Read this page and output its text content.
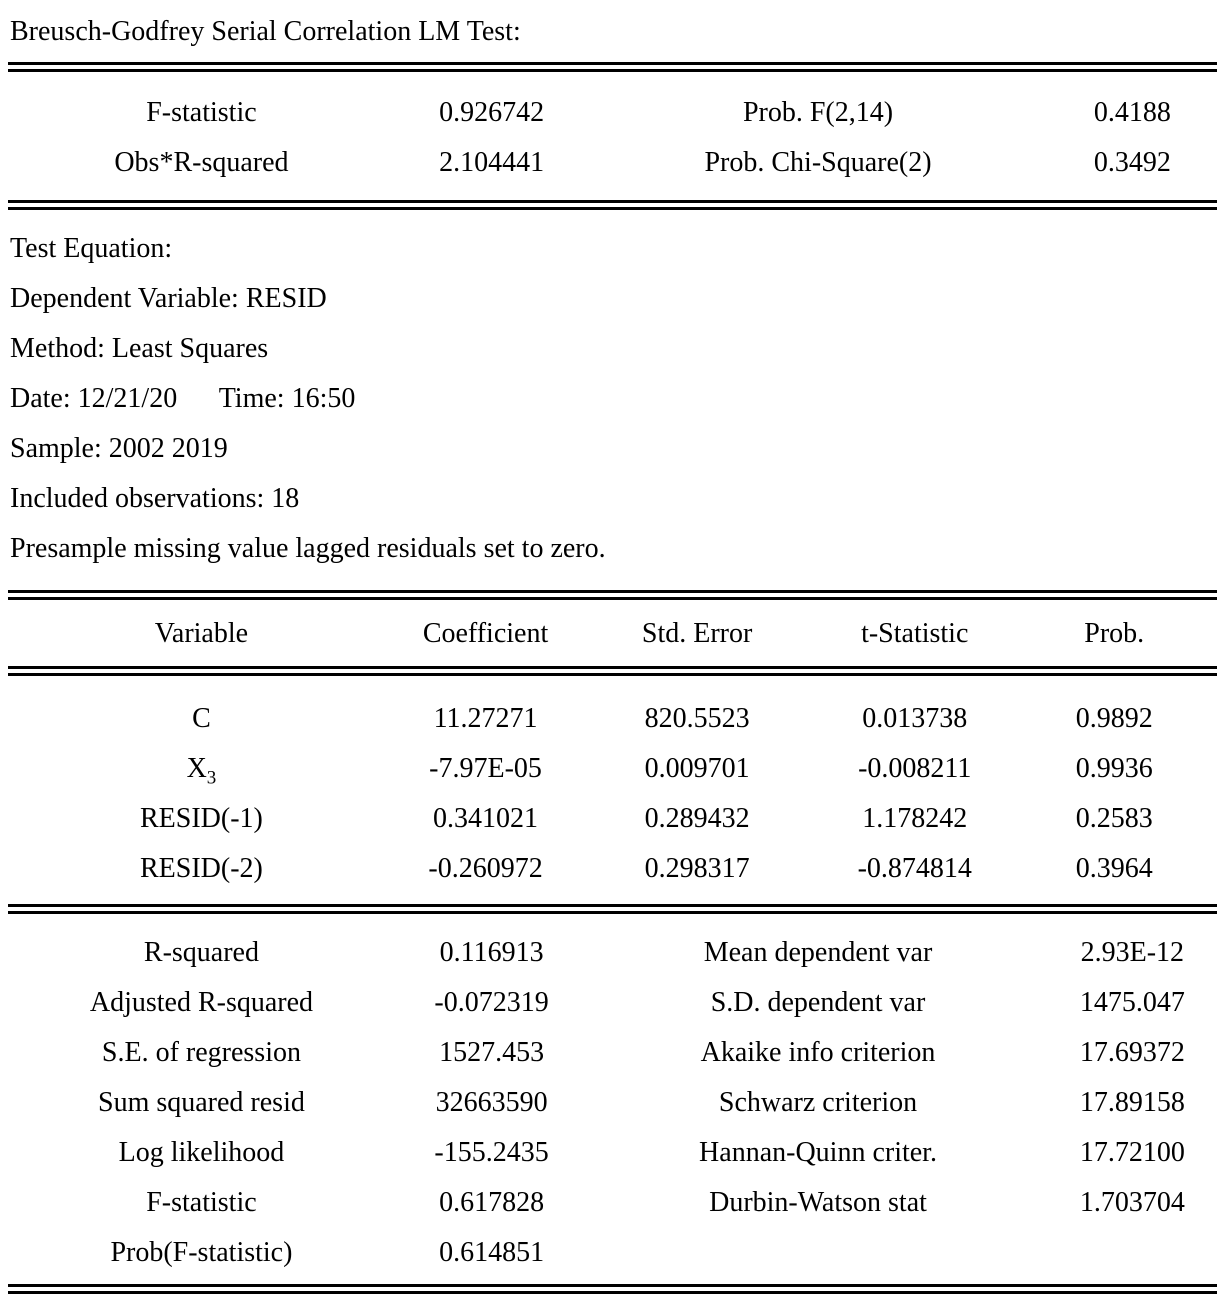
Breusch-Godfrey Serial Correlation LM Test:
F-statistic	0.926742	Prob. F(2,14)	0.4188
Obs*R-squared	2.104441	Prob. Chi-Square(2)	0.3492
Test Equation:
Dependent Variable: RESID
Method: Least Squares
Date: 12/21/20      Time: 16:50
Sample: 2002 2019
Included observations: 18
Presample missing value lagged residuals set to zero.
Variable	Coefficient	Std. Error	t-Statistic	Prob.
C	11.27271	820.5523	0.013738	0.9892
$X_3$	-7.97E-05	0.009701	-0.008211	0.9936
RESID(-1)	0.341021	0.289432	1.178242	0.2583
RESID(-2)	-0.260972	0.298317	-0.874814	0.3964
R-squared	0.116913	Mean dependent var	2.93E-12
Adjusted R-squared	-0.072319	S.D. dependent var	1475.047
S.E. of regression	1527.453	Akaike info criterion	17.69372
Sum squared resid	32663590	Schwarz criterion	17.89158
Log likelihood	-155.2435	Hannan-Quinn criter.	17.72100
F-statistic	0.617828	Durbin-Watson stat	1.703704
Prob(F-statistic)	0.614851
